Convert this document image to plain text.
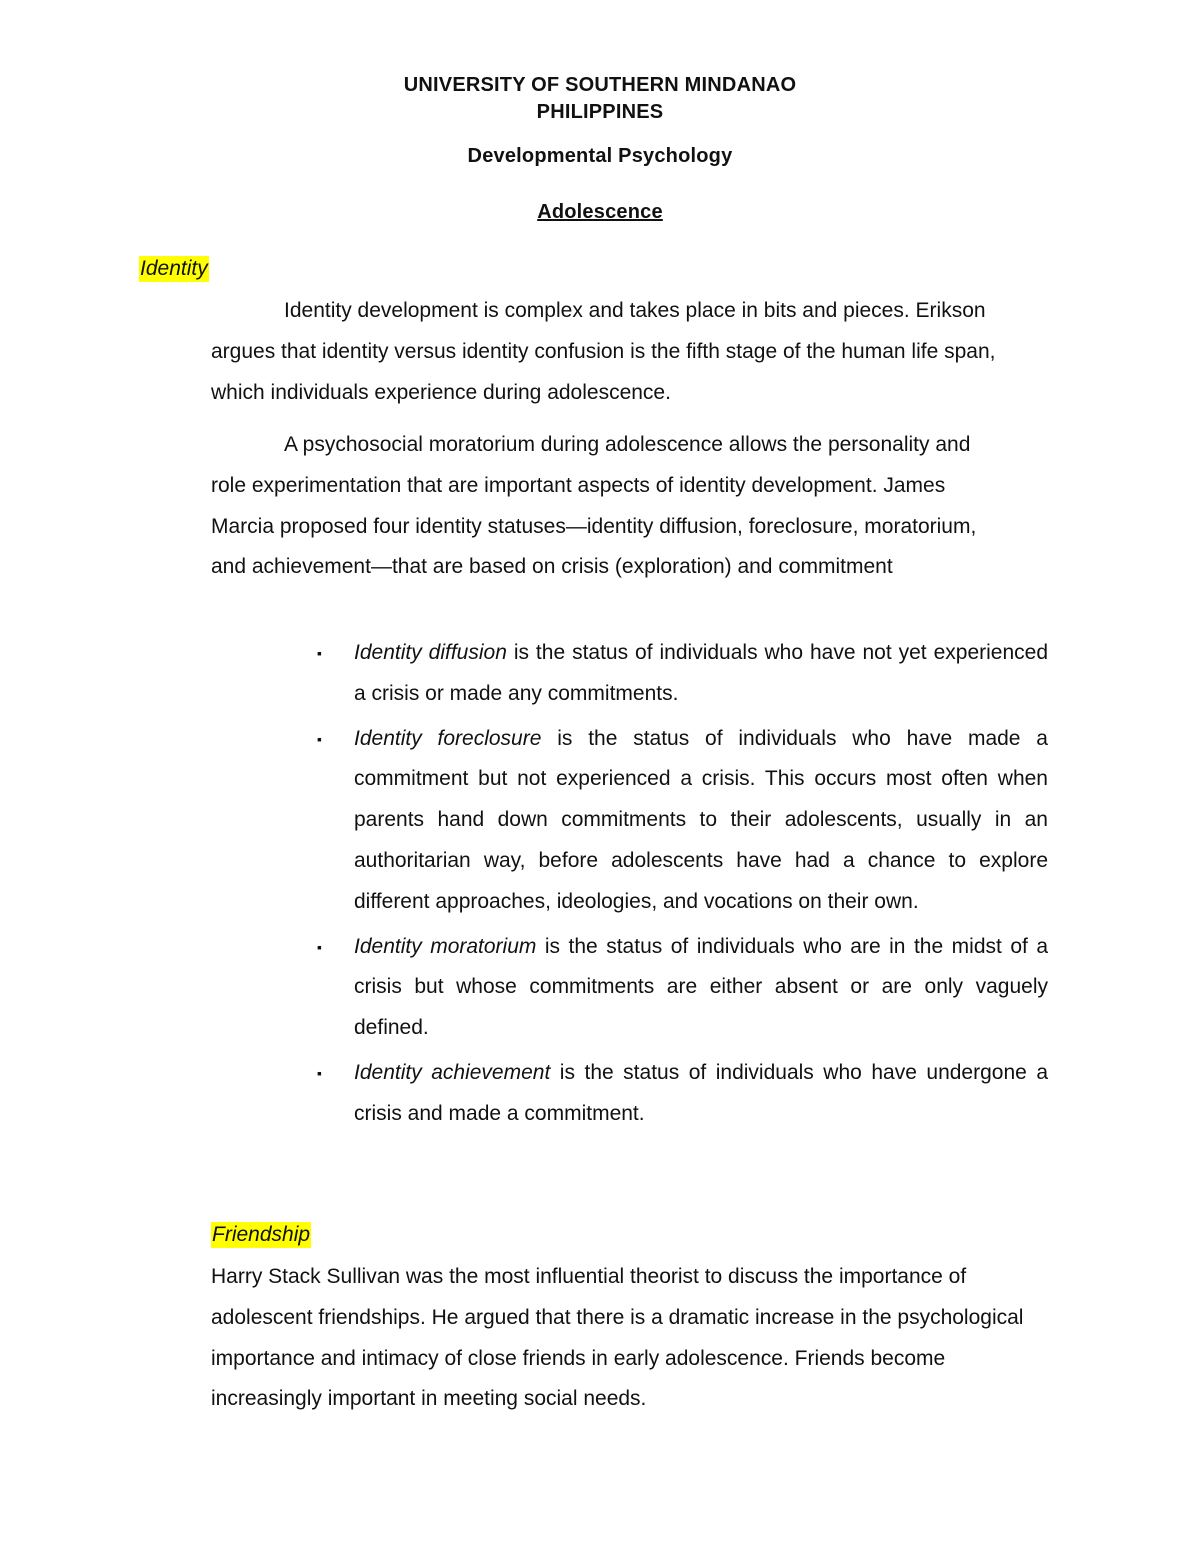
UNIVERSITY OF SOUTHERN MINDANAO
PHILIPPINES
Developmental Psychology
Adolescence
Identity
Identity development is complex and takes place in bits and pieces. Erikson argues that identity versus identity confusion is the fifth stage of the human life span, which individuals experience during adolescence.
A psychosocial moratorium during adolescence allows the personality and role experimentation that are important aspects of identity development. James Marcia proposed four identity statuses—identity diffusion, foreclosure, moratorium, and achievement—that are based on crisis (exploration) and commitment
▪ Identity diffusion is the status of individuals who have not yet experienced a crisis or made any commitments.
▪ Identity foreclosure is the status of individuals who have made a commitment but not experienced a crisis. This occurs most often when parents hand down commitments to their adolescents, usually in an authoritarian way, before adolescents have had a chance to explore different approaches, ideologies, and vocations on their own.
▪ Identity moratorium is the status of individuals who are in the midst of a crisis but whose commitments are either absent or are only vaguely defined.
▪ Identity achievement is the status of individuals who have undergone a crisis and made a commitment.
Friendship
Harry Stack Sullivan was the most influential theorist to discuss the importance of adolescent friendships. He argued that there is a dramatic increase in the psychological importance and intimacy of close friends in early adolescence. Friends become increasingly important in meeting social needs.
